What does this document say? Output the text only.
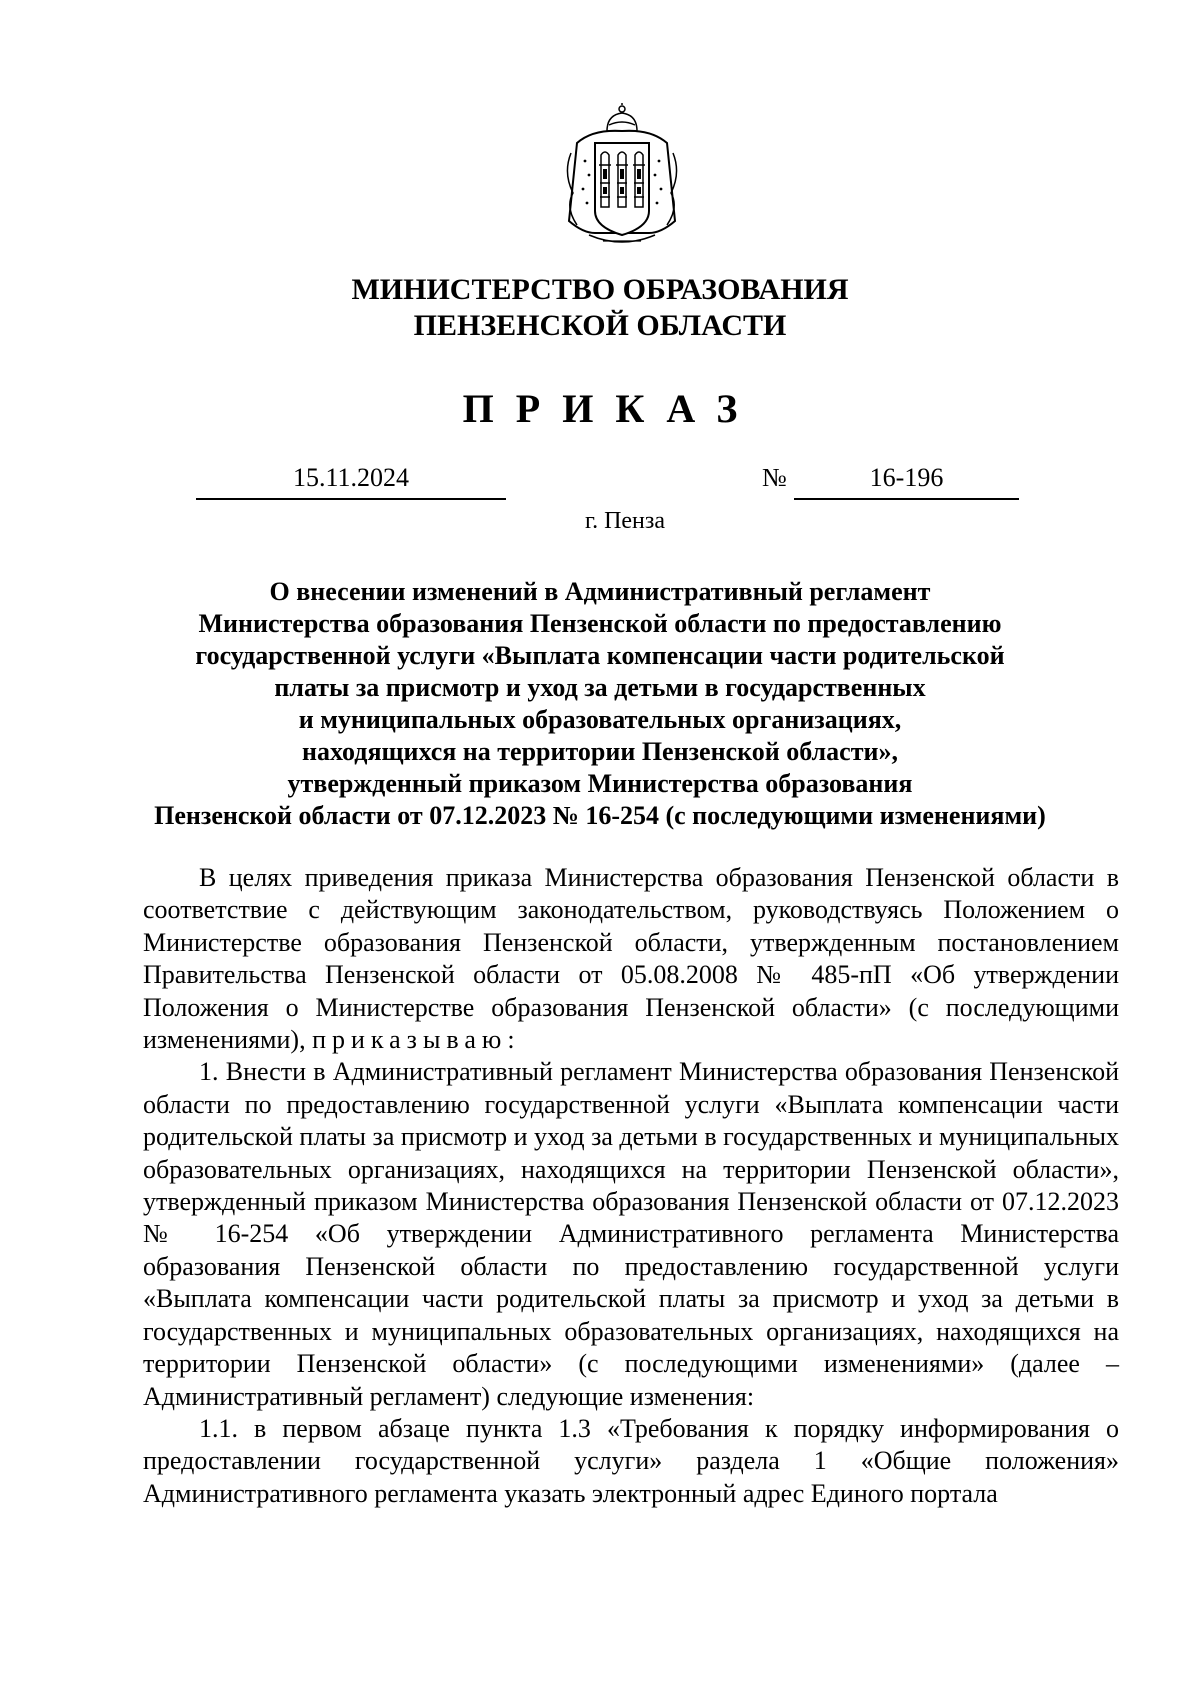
МИНИСТЕРСТВО ОБРАЗОВАНИЯ
ПЕНЗЕНСКОЙ ОБЛАСТИ
ПРИКАЗ
15.11.2024	№	16-196
г. Пенза
О внесении изменений в Административный регламент
Министерства образования Пензенской области по предоставлению
государственной услуги «Выплата компенсации части родительской
платы за присмотр и уход за детьми в государственных
и муниципальных образовательных организациях,
находящихся на территории Пензенской области»,
утвержденный приказом Министерства образования
Пензенской области от 07.12.2023 № 16-254 (с последующими изменениями)

В целях приведения приказа Министерства образования Пензенской области в соответствие с действующим законодательством, руководствуясь Положением о Министерстве образования Пензенской области, утвержденным постановлением Правительства Пензенской области от 05.08.2008 № 485-пП «Об утверждении Положения о Министерстве образования Пензенской области» (с последующими изменениями), приказываю:

1. Внести в Административный регламент Министерства образования Пензенской области по предоставлению государственной услуги «Выплата компенсации части родительской платы за присмотр и уход за детьми в государственных и муниципальных образовательных организациях, находящихся на территории Пензенской области», утвержденный приказом Министерства образования Пензенской области от 07.12.2023 № 16-254 «Об утверждении Административного регламента Министерства образования Пензенской области по предоставлению государственной услуги «Выплата компенсации части родительской платы за присмотр и уход за детьми в государственных и муниципальных образовательных организациях, находящихся на территории Пензенской области» (с последующими изменениями» (далее – Административный регламент) следующие изменения:

1.1. в первом абзаце пункта 1.3 «Требования к порядку информирования о предоставлении государственной услуги» раздела 1 «Общие положения» Административного регламента указать электронный адрес Единого портала
